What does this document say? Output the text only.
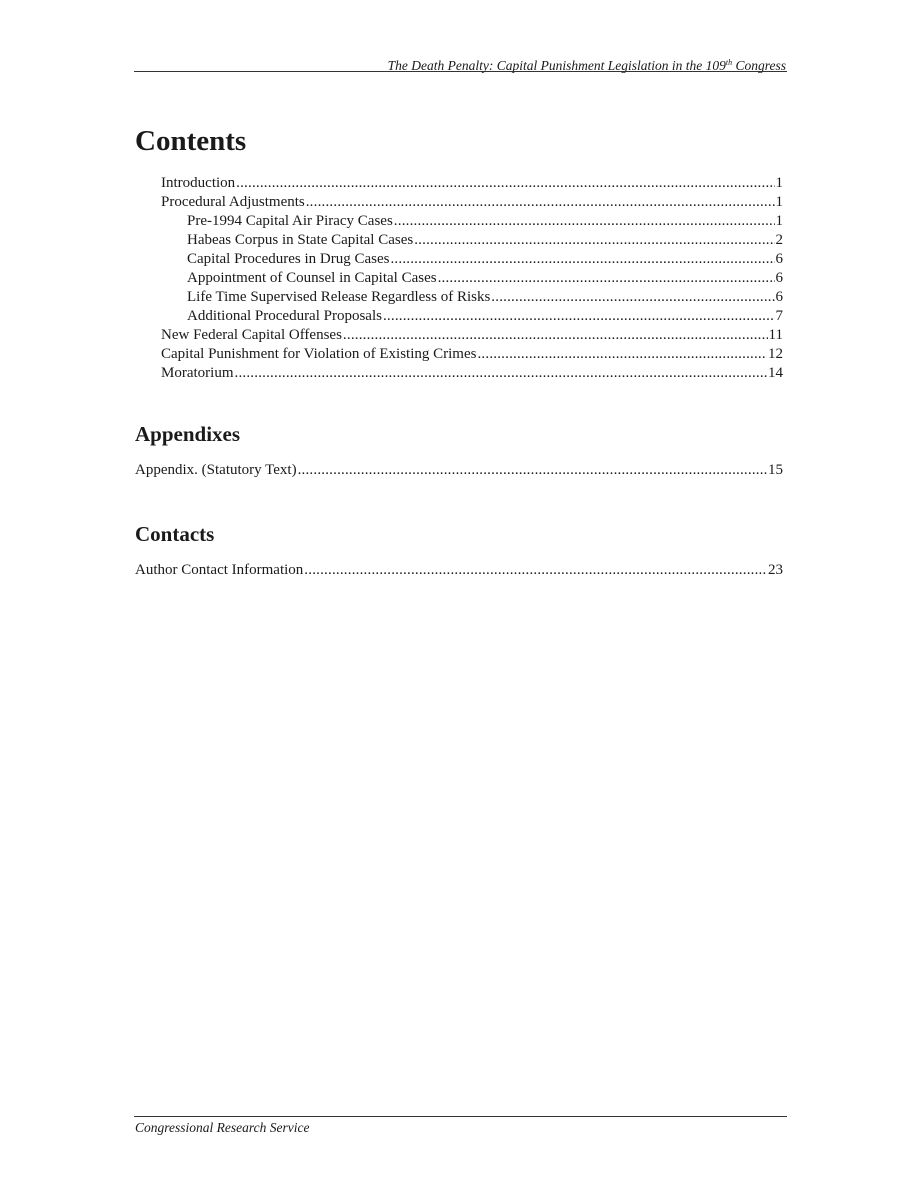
The Death Penalty: Capital Punishment Legislation in the 109th Congress
Contents
Introduction .....	1
Procedural Adjustments .....	1
Pre-1994 Capital Air Piracy Cases .....	1
Habeas Corpus in State Capital Cases .....	2
Capital Procedures in Drug Cases .....	6
Appointment of Counsel in Capital Cases .....	6
Life Time Supervised Release Regardless of Risks .....	6
Additional Procedural Proposals .....	7
New Federal Capital Offenses .....	11
Capital Punishment for Violation of Existing Crimes .....	12
Moratorium .....	14
Appendixes
Appendix. (Statutory Text) .....	15
Contacts
Author Contact Information .....	23
Congressional Research Service
